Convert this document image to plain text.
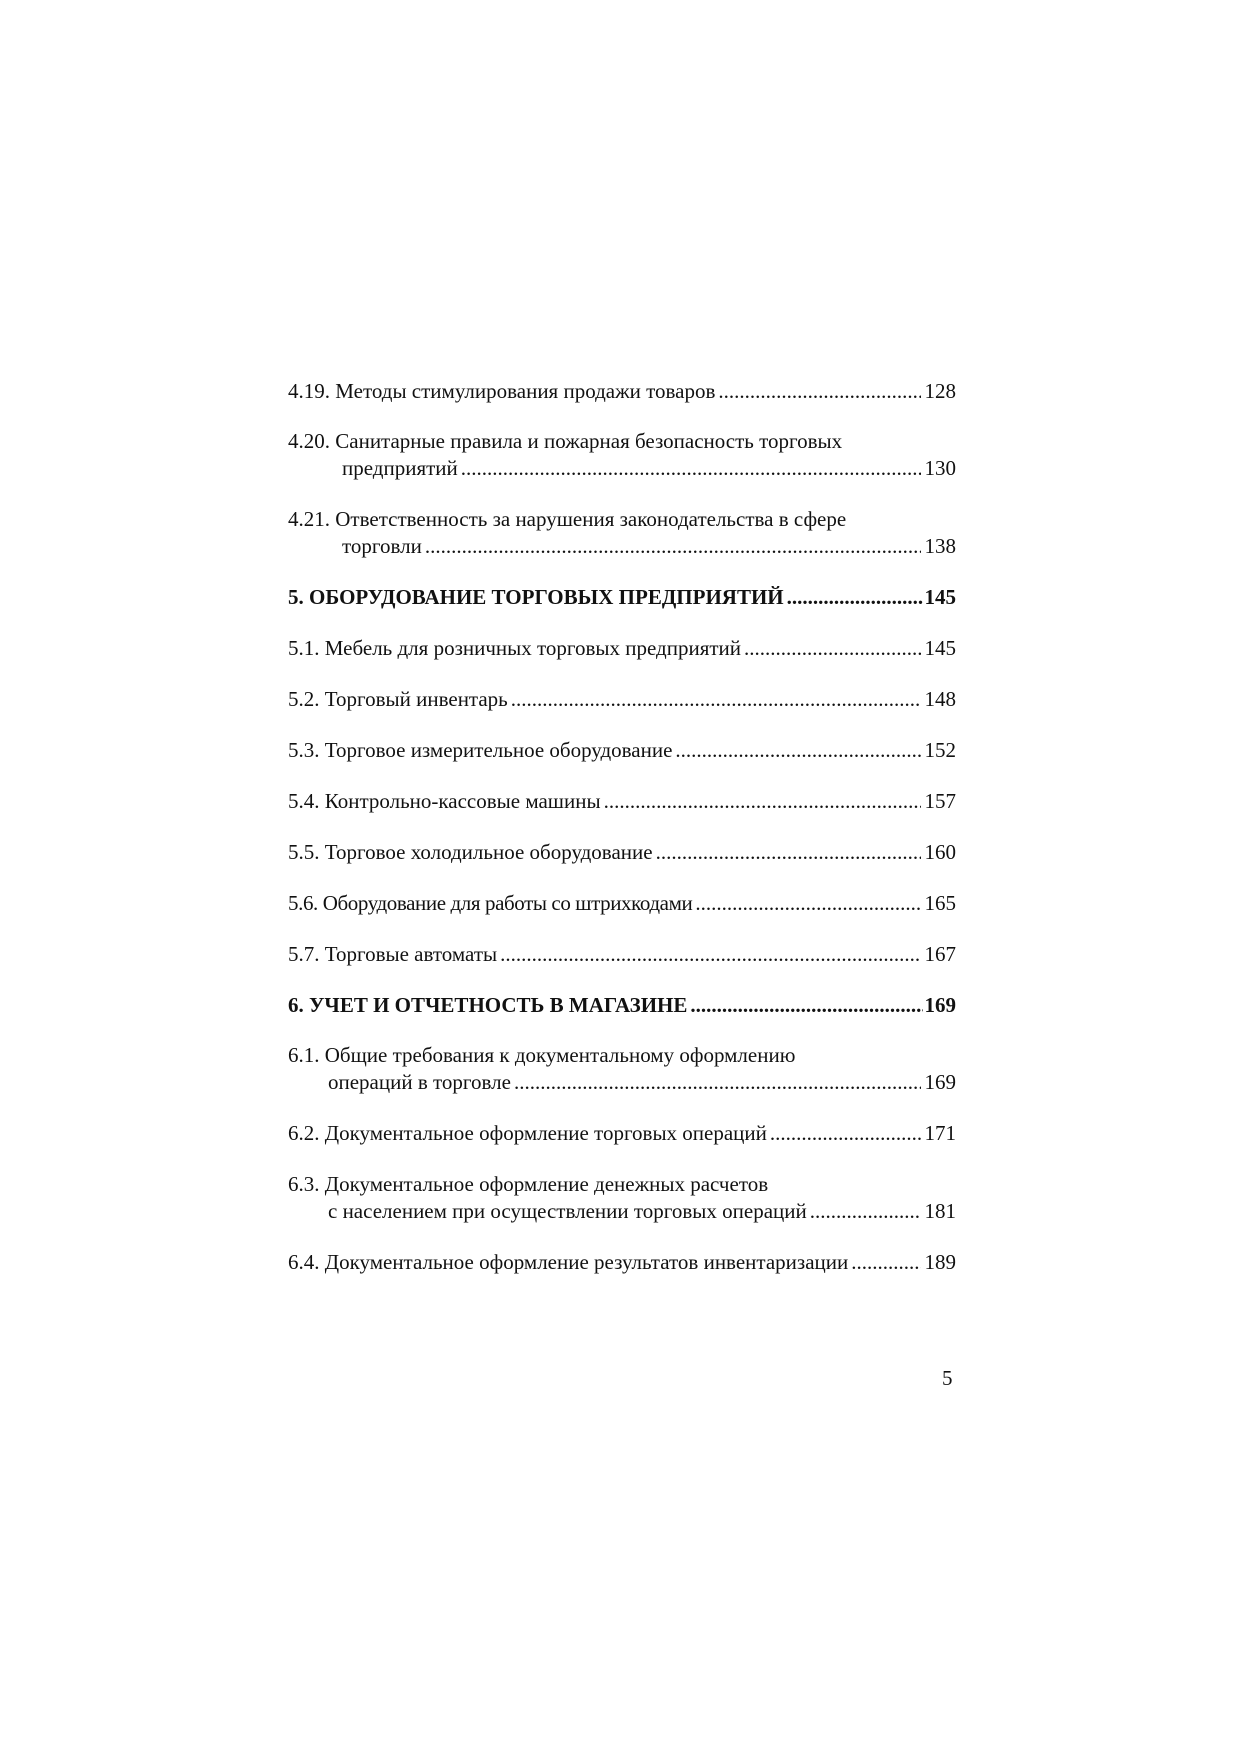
4.19. Методы стимулирования продажи товаров .....	128
4.20. Санитарные правила и пожарная безопасность торговых
предприятий .....	130
4.21. Ответственность за нарушения законодательства в сфере
торговли .....	138
5. ОБОРУДОВАНИЕ ТОРГОВЫХ ПРЕДПРИЯТИЙ .....	145
5.1. Мебель для розничных торговых предприятий .....	145
5.2. Торговый инвентарь .....	148
5.3. Торговое измерительное оборудование .....	152
5.4. Контрольно-кассовые машины .....	157
5.5. Торговое холодильное оборудование .....	160
5.6. Оборудование для работы со штрихкодами .....	165
5.7. Торговые автоматы .....	167
6. УЧЕТ И ОТЧЕТНОСТЬ В МАГАЗИНЕ .....	169
6.1. Общие требования к документальному оформлению
операций в торговле .....	169
6.2. Документальное оформление торговых операций .....	171
6.3. Документальное оформление денежных расчетов
с населением при осуществлении торговых операций .....	181
6.4. Документальное оформление результатов инвентаризации .....	189
5
